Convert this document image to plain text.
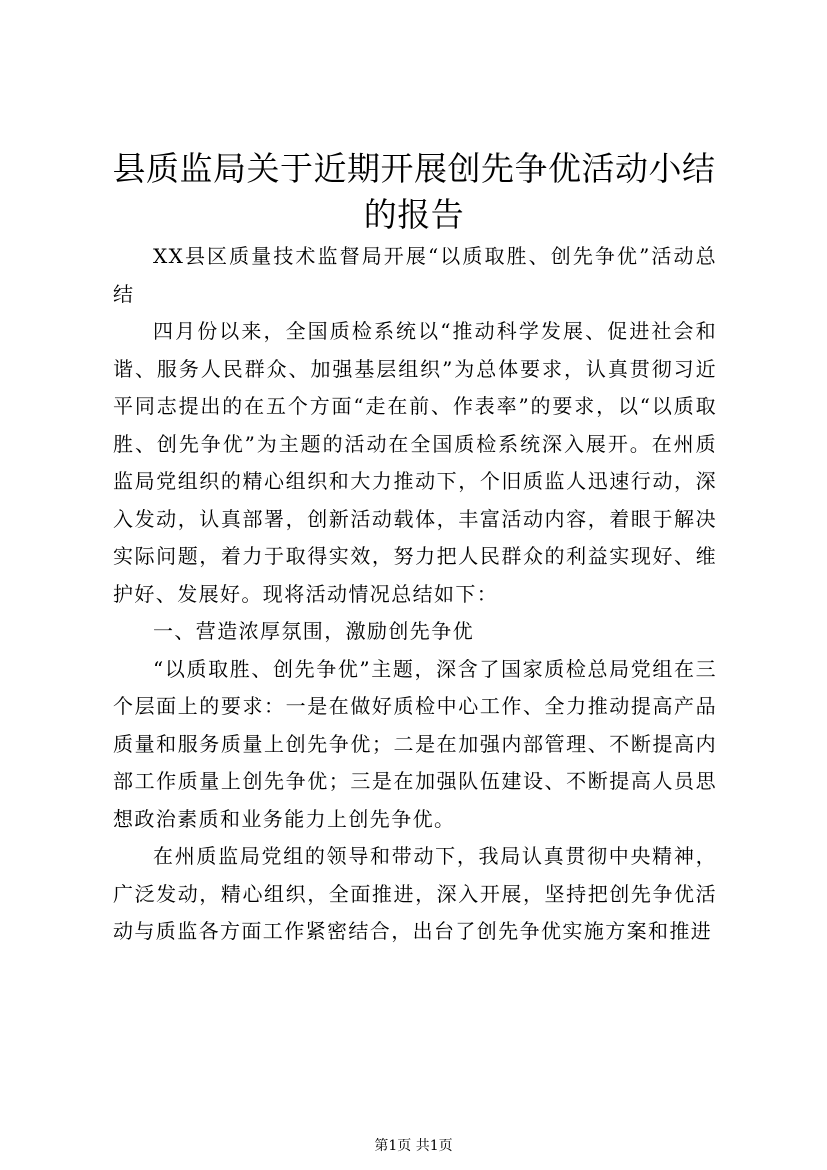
县质监局关于近期开展创先争优活动小结的报告

XX县区质量技术监督局开展“以质取胜、创先争优”活动总结

四月份以来，全国质检系统以“推动科学发展、促进社会和谐、服务人民群众、加强基层组织”为总体要求，认真贯彻习近平同志提出的在五个方面“走在前、作表率”的要求，以“以质取胜、创先争优”为主题的活动在全国质检系统深入展开。在州质监局党组织的精心组织和大力推动下，个旧质监人迅速行动，深入发动，认真部署，创新活动载体，丰富活动内容，着眼于解决实际问题，着力于取得实效，努力把人民群众的利益实现好、维护好、发展好。现将活动情况总结如下：

一、营造浓厚氛围，激励创先争优

“以质取胜、创先争优”主题，深含了国家质检总局党组在三个层面上的要求：一是在做好质检中心工作、全力推动提高产品质量和服务质量上创先争优；二是在加强内部管理、不断提高内部工作质量上创先争优；三是在加强队伍建设、不断提高人员思想政治素质和业务能力上创先争优。

在州质监局党组的领导和带动下，我局认真贯彻中央精神，广泛发动，精心组织，全面推进，深入开展，坚持把创先争优活动与质监各方面工作紧密结合，出台了创先争优实施方案和推进

第1页 共1页
